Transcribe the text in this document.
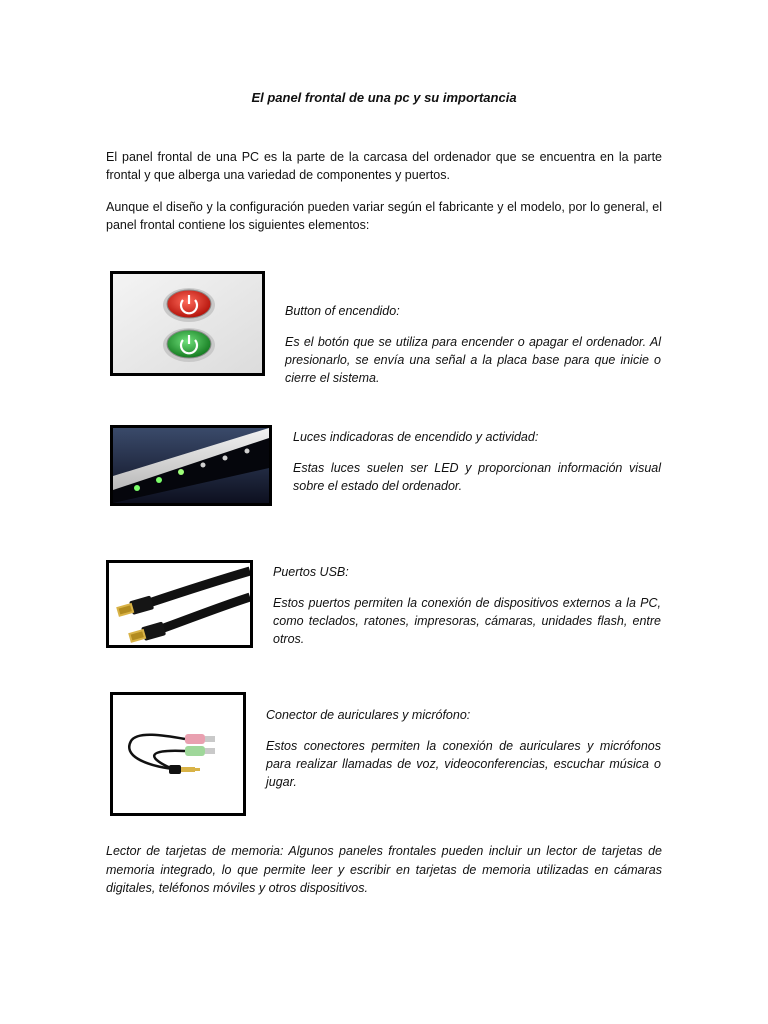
El panel frontal de una pc y su importancia

El panel frontal de una PC es la parte de la carcasa del ordenador que se encuentra en la parte frontal y que alberga una variedad de componentes y puertos.

Aunque el diseño y la configuración pueden variar según el fabricante y el modelo, por lo general, el panel frontal contiene los siguientes elementos:

Button of encendido:

Es el botón que se utiliza para encender o apagar el ordenador. Al presionarlo, se envía una señal a la placa base para que inicie o cierre el sistema.

Luces indicadoras de encendido y actividad:

Estas luces suelen ser LED y proporcionan información visual sobre el estado del ordenador.

Puertos USB:

Estos puertos permiten la conexión de dispositivos externos a la PC, como teclados, ratones, impresoras, cámaras, unidades flash, entre otros.

Conector de auriculares y micrófono:

Estos conectores permiten la conexión de auriculares y micrófonos para realizar llamadas de voz, videoconferencias, escuchar música o jugar.

Lector de tarjetas de memoria: Algunos paneles frontales pueden incluir un lector de tarjetas de memoria integrado, lo que permite leer y escribir en tarjetas de memoria utilizadas en cámaras digitales, teléfonos móviles y otros dispositivos.
